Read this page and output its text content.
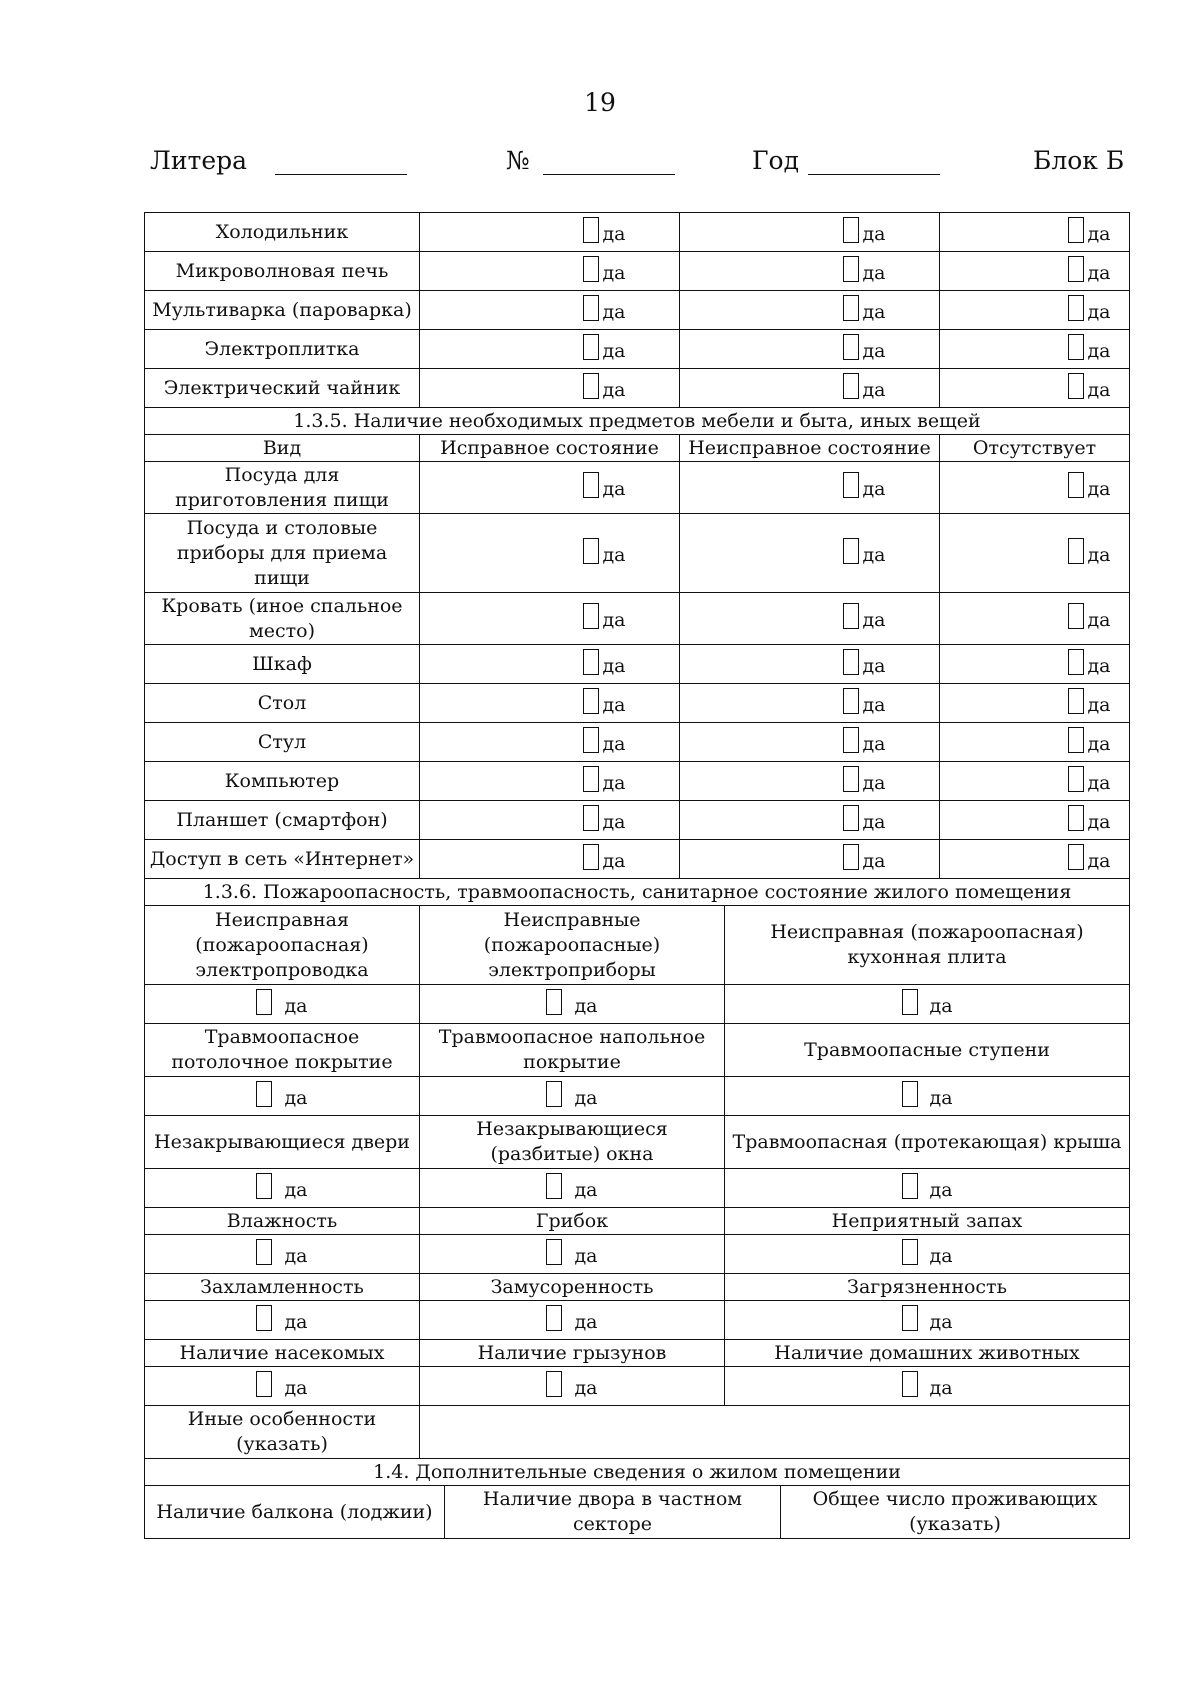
19
Литера	№	Год	Блок Б
Холодильник	да	да	да

Микроволновая печь	да	да	да

Мультиварка (пароварка)	да	да	да

Электроплитка	да	да	да

Электрический чайник	да	да	да

1.3.5. Наличие необходимых предметов мебели и быта, иных вещей			
Вид	Исправное состояние	Неисправное состояние	Отсутствует
Посуда для приготовления пищи	да	да	да

Посуда и столовые приборы для приема пищи	да	да	да

Кровать (иное спальное место)	да	да	да

Шкаф	да	да	да

Стол	да	да	да

Стул	да	да	да

Компьютер	да	да	да

Планшет (смартфон)	да	да	да

Доступ в сеть «Интернет»	да	да	да
1.3.6. Пожароопасность, травмоопасность, санитарное состояние жилого помещения		
Неисправная (пожароопасная) электропроводка	Неисправные (пожароопасные) электроприборы	Неисправная (пожароопасная) кухонная плита

да	да	да

Травмоопасное потолочное покрытие	Травмоопасное напольное покрытие	Травмоопасные ступени

да	да	да

Незакрывающиеся двери	Незакрывающиеся (разбитые) окна	Травмоопасная (протекающая) крыша

да	да	да

Влажность	Грибок	Неприятный запах

да	да	да

Захламленность	Замусоренность	Загрязненность

да	да	да

Наличие насекомых	Наличие грызунов	Наличие домашних животных

да	да	да

Иные особенности (указать)		
1.4. Дополнительные сведения о жилом помещении		
Наличие балкона (лоджии)	Наличие двора в частном секторе	Общее число проживающих (указать)
